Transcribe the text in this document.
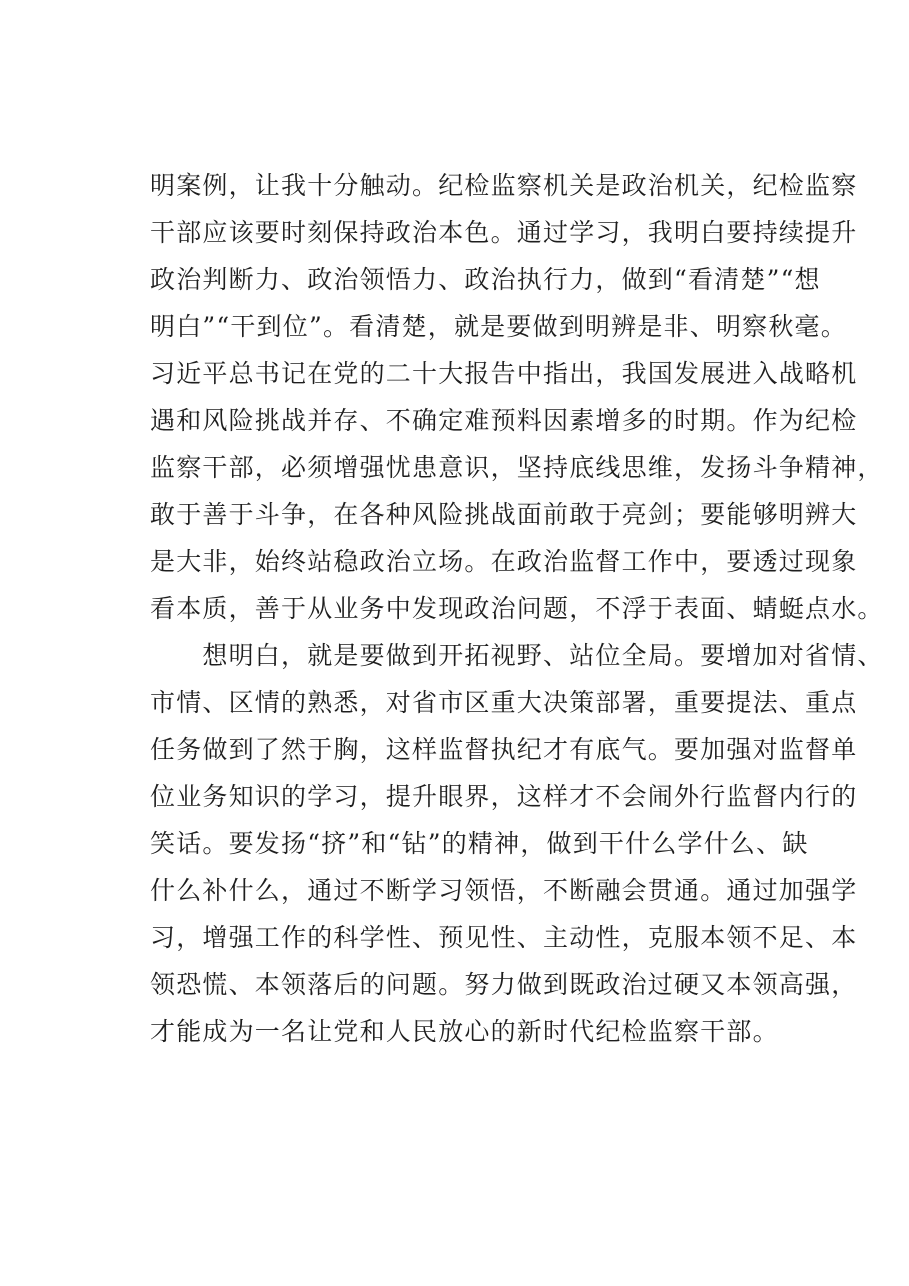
明案例，让我十分触动。纪检监察机关是政治机关，纪检监察
干部应该要时刻保持政治本色。通过学习，我明白要持续提升
政治判断力、政治领悟力、政治执行力，做到“看清楚”“想
明白”“干到位”。看清楚，就是要做到明辨是非、明察秋毫。
习近平总书记在党的二十大报告中指出，我国发展进入战略机
遇和风险挑战并存、不确定难预料因素增多的时期。作为纪检
监察干部，必须增强忧患意识，坚持底线思维，发扬斗争精神，
敢于善于斗争，在各种风险挑战面前敢于亮剑；要能够明辨大
是大非，始终站稳政治立场。在政治监督工作中，要透过现象
看本质，善于从业务中发现政治问题，不浮于表面、蜻蜓点水。
　　想明白，就是要做到开拓视野、站位全局。要增加对省情、
市情、区情的熟悉，对省市区重大决策部署，重要提法、重点
任务做到了然于胸，这样监督执纪才有底气。要加强对监督单
位业务知识的学习，提升眼界，这样才不会闹外行监督内行的
笑话。要发扬“挤”和“钻”的精神，做到干什么学什么、缺
什么补什么，通过不断学习领悟，不断融会贯通。通过加强学
习，增强工作的科学性、预见性、主动性，克服本领不足、本
领恐慌、本领落后的问题。努力做到既政治过硬又本领高强，
才能成为一名让党和人民放心的新时代纪检监察干部。
